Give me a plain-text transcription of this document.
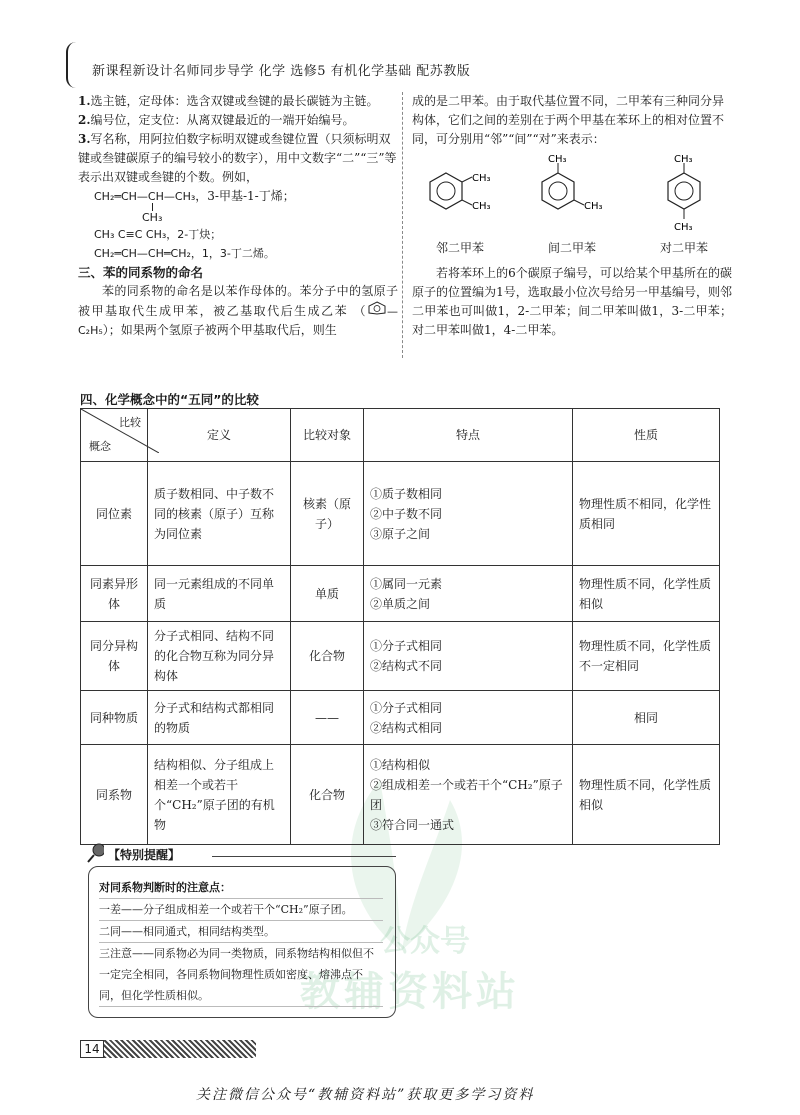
新课程新设计名师同步导学 化学 选修5 有机化学基础 配苏教版
公众号
教辅资料站

1.选主链，定母体：选含双键或叁键的最长碳链为主链。

2.编号位，定支位：从离双键最近的一端开始编号。

3.写名称，用阿拉伯数字标明双键或叁键位置（只须标明双键或叁键碳原子的编号较小的数字），用中文数字“二”“三”等表示出双键或叁键的个数。例如，

CH₂═CH—CH—CH₃，3-甲基-1-丁烯；
CH₃
CH₃ C≡C CH₃，2-丁炔；
CH₂═CH—CH═CH₂，1，3-丁二烯。
三、苯的同系物的命名
苯的同系物的命名是以苯作母体的。苯分子中的氢原子被甲基取代生成甲苯，被乙基取代后生成乙苯 （ —C₂H₅）；如果两个氢原子被两个甲基取代后，则生
成的是二甲苯。由于取代基位置不同，二甲苯有三种同分异构体，它们之间的差别在于两个甲基在苯环上的相对位置不同，可分别用“邻”“间”“对”来表示：
CH₃
CH₃
邻二甲苯
CH₃
CH₃
间二甲苯
CH₃
CH₃
对二甲苯
若将苯环上的6个碳原子编号，可以给某个甲基所在的碳原子的位置编为1号，选取最小位次号给另一甲基编号，则邻二甲苯也可叫做1，2-二甲苯；间二甲苯叫做1，3-二甲苯；对二甲苯叫做1，4-二甲苯。
四、化学概念中的“五同”的比较
比较
概念	定义	比较对象	特点	性质
同位素	质子数相同、中子数不同的核素（原子）互称为同位素	核素（原子）	①质子数相同
②中子数不同
③原子之间	物理性质不相同，化学性质相同
同素异形体	同一元素组成的不同单质	单质	①属同一元素
②单质之间	物理性质不同，化学性质相似
同分异构体	分子式相同、结构不同的化合物互称为同分异构体	化合物	①分子式相同
②结构式不同	物理性质不同，化学性质不一定相同
同种物质	分子式和结构式都相同的物质	——	①分子式相同
②结构式相同	相同
同系物	结构相似、分子组成上相差一个或若干个“CH₂”原子团的有机物	化合物	①结构相似
②组成相差一个或若干个“CH₂”原子团
③符合同一通式	物理性质不同，化学性质相似
【特别提醒】
对同系物判断时的注意点：
一差——分子组成相差一个或若干个“CH₂”原子团。
二同——相同通式，相同结构类型。
三注意——同系物必为同一类物质，同系物结构相似但不一定完全相同，各同系物间物理性质如密度、熔沸点不同，但化学性质相似。
14
关注微信公众号“教辅资料站”获取更多学习资料
